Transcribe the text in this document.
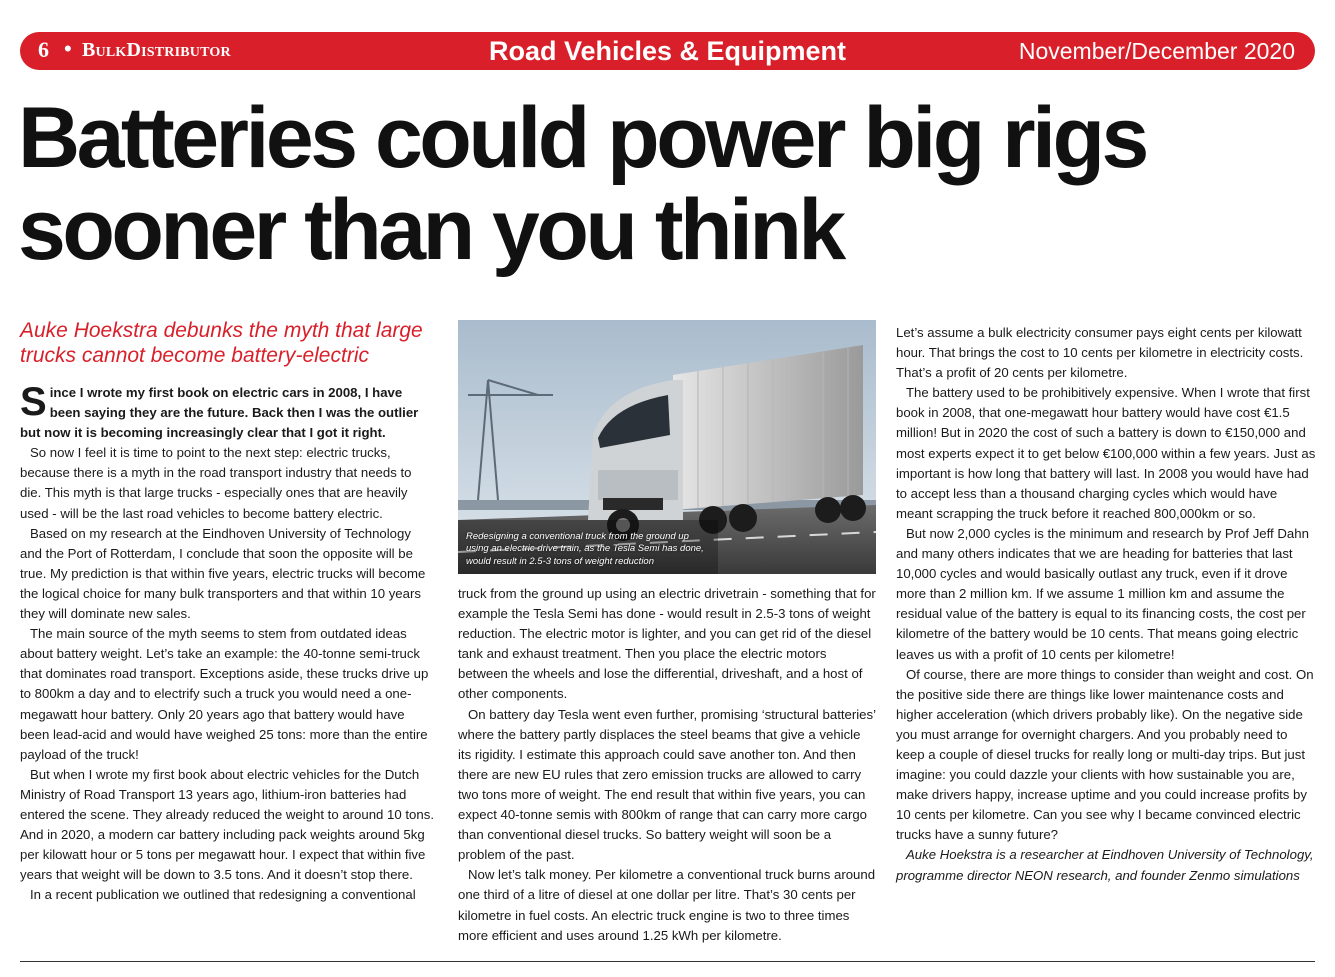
6 • BulkDistributor	Road Vehicles & Equipment	November/December 2020
Batteries could power big rigs sooner than you think

Auke Hoekstra debunks the myth that large trucks cannot become battery-electric

Since I wrote my first book on electric cars in 2008, I have been saying they are the future. Back then I was the outlier but now it is becoming increasingly clear that I got it right.

So now I feel it is time to point to the next step: electric trucks, because there is a myth in the road transport industry that needs to die. This myth is that large trucks - especially ones that are heavily used - will be the last road vehicles to become battery electric.

Based on my research at the Eindhoven University of Technology and the Port of Rotterdam, I conclude that soon the opposite will be true. My prediction is that within five years, electric trucks will become the logical choice for many bulk transporters and that within 10 years they will dominate new sales.

The main source of the myth seems to stem from outdated ideas about battery weight. Let’s take an example: the 40-tonne semi-truck that dominates road transport. Exceptions aside, these trucks drive up to 800km a day and to electrify such a truck you would need a one-megawatt hour battery. Only 20 years ago that battery would have been lead-acid and would have weighed 25 tons: more than the entire payload of the truck!

But when I wrote my first book about electric vehicles for the Dutch Ministry of Road Transport 13 years ago, lithium-iron batteries had entered the scene. They already reduced the weight to around 10 tons. And in 2020, a modern car battery including pack weights around 5kg per kilowatt hour or 5 tons per megawatt hour. I expect that within five years that weight will be down to 3.5 tons. And it doesn’t stop there.

In a recent publication we outlined that redesigning a conventional

Redesigning a conventional truck from the ground up using an electric drive train, as the Tesla Semi has done, would result in 2.5-3 tons of weight reduction

truck from the ground up using an electric drivetrain - something that for example the Tesla Semi has done - would result in 2.5-3 tons of weight reduction. The electric motor is lighter, and you can get rid of the diesel tank and exhaust treatment. Then you place the electric motors between the wheels and lose the differential, driveshaft, and a host of other components.

On battery day Tesla went even further, promising ‘structural batteries’ where the battery partly displaces the steel beams that give a vehicle its rigidity. I estimate this approach could save another ton. And then there are new EU rules that zero emission trucks are allowed to carry two tons more of weight. The end result that within five years, you can expect 40-tonne semis with 800km of range that can carry more cargo than conventional diesel trucks. So battery weight will soon be a problem of the past.

Now let’s talk money. Per kilometre a conventional truck burns around one third of a litre of diesel at one dollar per litre. That’s 30 cents per kilometre in fuel costs. An electric truck engine is two to three times more efficient and uses around 1.25 kWh per kilometre.

Let’s assume a bulk electricity consumer pays eight cents per kilowatt hour. That brings the cost to 10 cents per kilometre in electricity costs. That’s a profit of 20 cents per kilometre.

The battery used to be prohibitively expensive. When I wrote that first book in 2008, that one-megawatt hour battery would have cost €1.5 million! But in 2020 the cost of such a battery is down to €150,000 and most experts expect it to get below €100,000 within a few years. Just as important is how long that battery will last. In 2008 you would have had to accept less than a thousand charging cycles which would have meant scrapping the truck before it reached 800,000km or so.

But now 2,000 cycles is the minimum and research by Prof Jeff Dahn and many others indicates that we are heading for batteries that last 10,000 cycles and would basically outlast any truck, even if it drove more than 2 million km. If we assume 1 million km and assume the residual value of the battery is equal to its financing costs, the cost per kilometre of the battery would be 10 cents. That means going electric leaves us with a profit of 10 cents per kilometre!

Of course, there are more things to consider than weight and cost. On the positive side there are things like lower maintenance costs and higher acceleration (which drivers probably like). On the negative side you must arrange for overnight chargers. And you probably need to keep a couple of diesel trucks for really long or multi-day trips. But just imagine: you could dazzle your clients with how sustainable you are, make drivers happy, increase uptime and you could increase profits by 10 cents per kilometre. Can you see why I became convinced electric trucks have a sunny future?

Auke Hoekstra is a researcher at Eindhoven University of Technology, programme director NEON research, and founder Zenmo simulations
